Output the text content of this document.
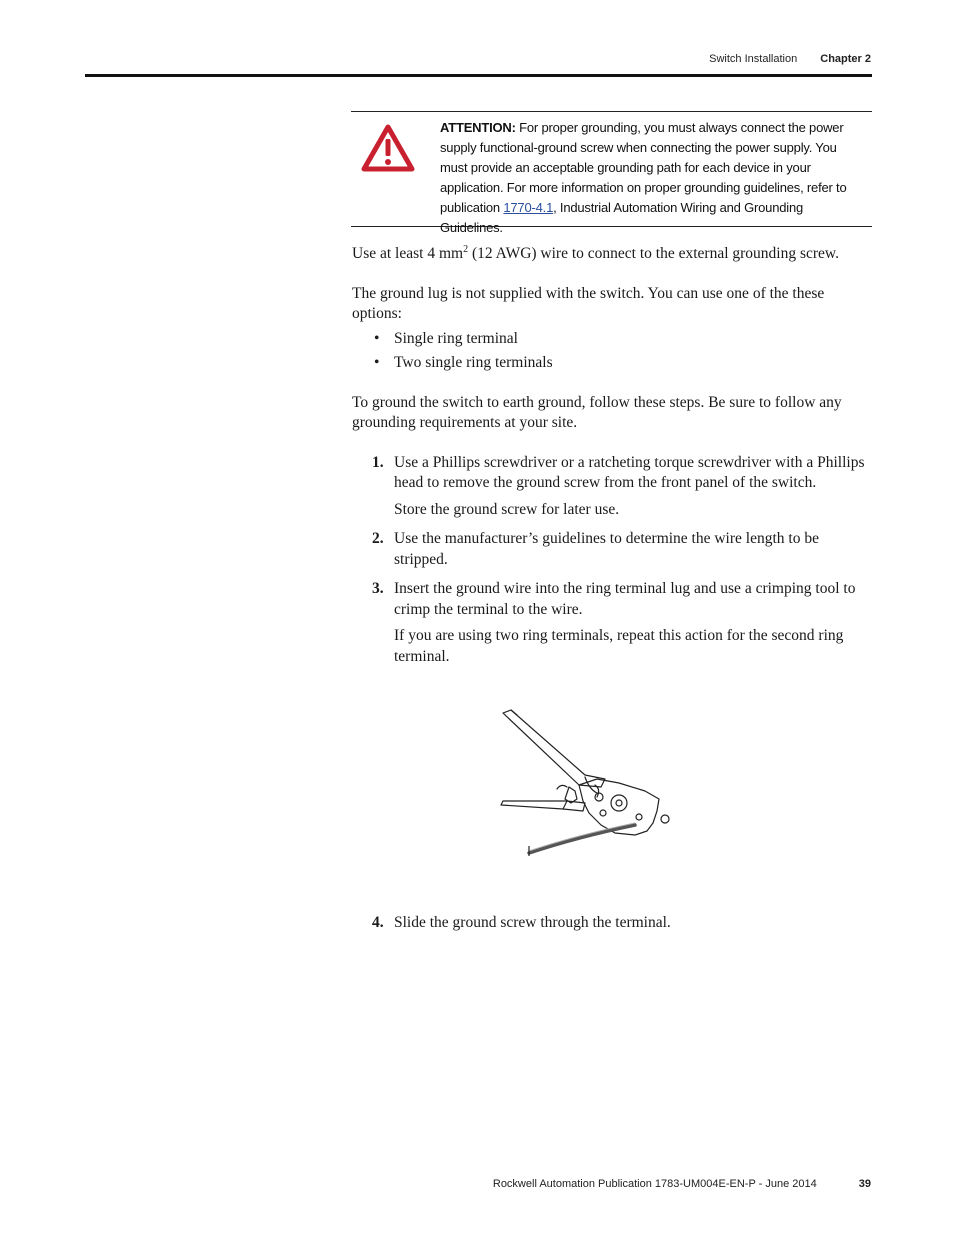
Switch Installation Chapter 2
ATTENTION: For proper grounding, you must always connect the power supply functional-ground screw when connecting the power supply. You must provide an acceptable grounding path for each device in your application. For more information on proper grounding guidelines, refer to publication 1770-4.1, Industrial Automation Wiring and Grounding Guidelines.

Use at least 4 $mm^2$ (12 AWG) wire to connect to the external grounding screw.

The ground lug is not supplied with the switch. You can use one of the these options:

• Single ring terminal
• Two single ring terminals

To ground the switch to earth ground, follow these steps. Be sure to follow any grounding requirements at your site.

1. Use a Phillips screwdriver or a ratcheting torque screwdriver with a Phillips head to remove the ground screw from the front panel of the switch.
Store the ground screw for later use.
2. Use the manufacturer’s guidelines to determine the wire length to be stripped.
3. Insert the ground wire into the ring terminal lug and use a crimping tool to crimp the terminal to the wire.
If you are using two ring terminals, repeat this action for the second ring terminal.
4. Slide the ground screw through the terminal.
Rockwell Automation Publication 1783-UM004E-EN-P - June 2014	39
